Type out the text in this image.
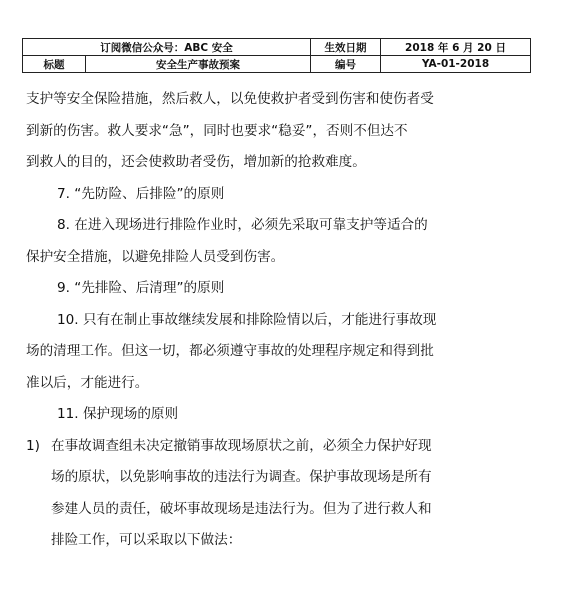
订阅微信公众号：ABC 安全		生效日期	2018 年 6 月 20 日
标题	安全生产事故预案	编号	YA-01-2018
支护等安全保险措施，然后救人，以免使救护者受到伤害和使伤者受
到新的伤害。救人要求“急”，同时也要求“稳妥”，否则不但达不
到救人的目的，还会使救助者受伤，增加新的抢救难度。
7. “先防险、后排险”的原则
8. 在进入现场进行排险作业时，必须先采取可靠支护等适合的
保护安全措施，以避免排险人员受到伤害。
9. “先排险、后清理”的原则
10. 只有在制止事故继续发展和排除险情以后，才能进行事故现
场的清理工作。但这一切，都必须遵守事故的处理程序规定和得到批
准以后，才能进行。
11. 保护现场的原则
1) 在事故调查组未决定撤销事故现场原状之前，必须全力保护好现
场的原状，以免影响事故的违法行为调查。保护事故现场是所有
参建人员的责任，破坏事故现场是违法行为。但为了进行救人和
排险工作，可以采取以下做法：
